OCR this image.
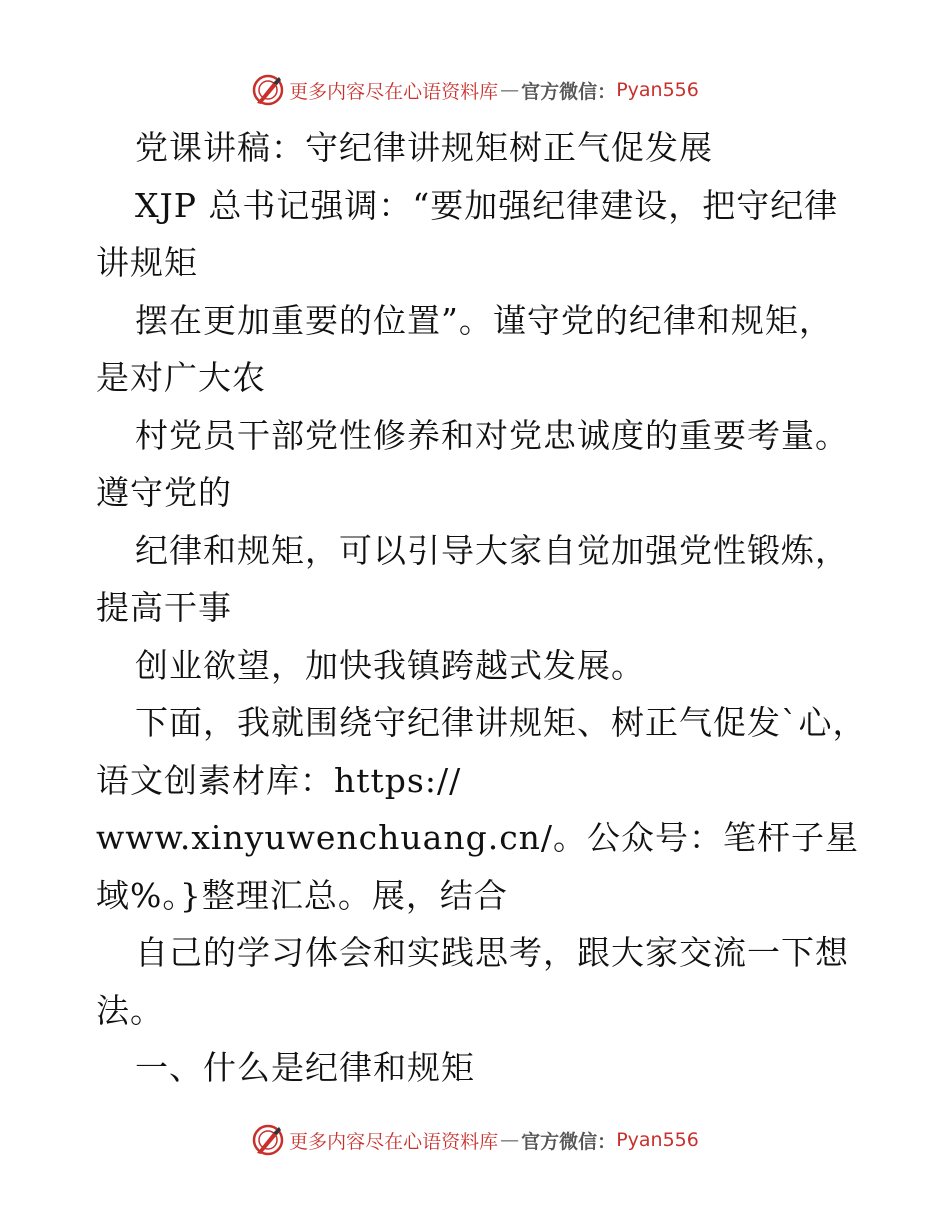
更多内容尽在心语资料库 — 官方微信： Pyan556
党课讲稿：守纪律讲规矩树正气促发展
XJP 总书记强调：“要加强纪律建设，把守纪律
讲规矩
摆在更加重要的位置”。谨守党的纪律和规矩，
是对广大农
村党员干部党性修养和对党忠诚度的重要考量。
遵守党的
纪律和规矩，可以引导大家自觉加强党性锻炼，
提高干事
创业欲望，加快我镇跨越式发展。
下面，我就围绕守纪律讲规矩、树正气促发`心，
语文创素材库：https://
www.xinyuwenchuang.cn/。公众号：笔杆子星
域%。}整理汇总。展，结合
自己的学习体会和实践思考，跟大家交流一下想
法。
一、什么是纪律和规矩
更多内容尽在心语资料库 — 官方微信： Pyan556
